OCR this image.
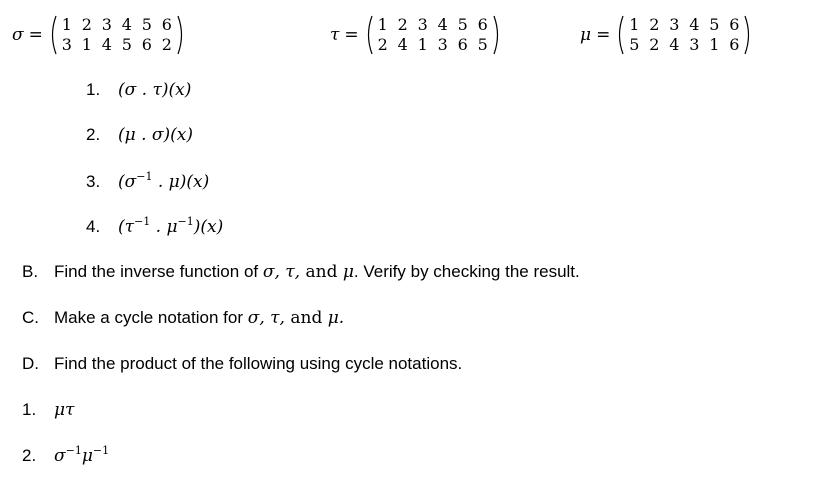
σ =
1 2 3 4 5 6
3 1 4 5 6 2	τ =
1 2 3 4 5 6
2 4 1 3 6 5	μ =
1 2 3 4 5 6
5 2 4 3 1 6
1. (σ . τ)(x)
2. (μ . σ)(x)
3. ($\sigma^{-1}$ . μ)(x)
4. ($\tau^{-1}$ . $\mu^{-1})(x)$
B. Find the inverse function of σ, τ, and μ. Verify by checking the result.
C. Make a cycle notation for σ, τ, and μ.
D. Find the product of the following using cycle notations.
1. μτ
2. $\sigma^{-1}\mu^{-1}$
